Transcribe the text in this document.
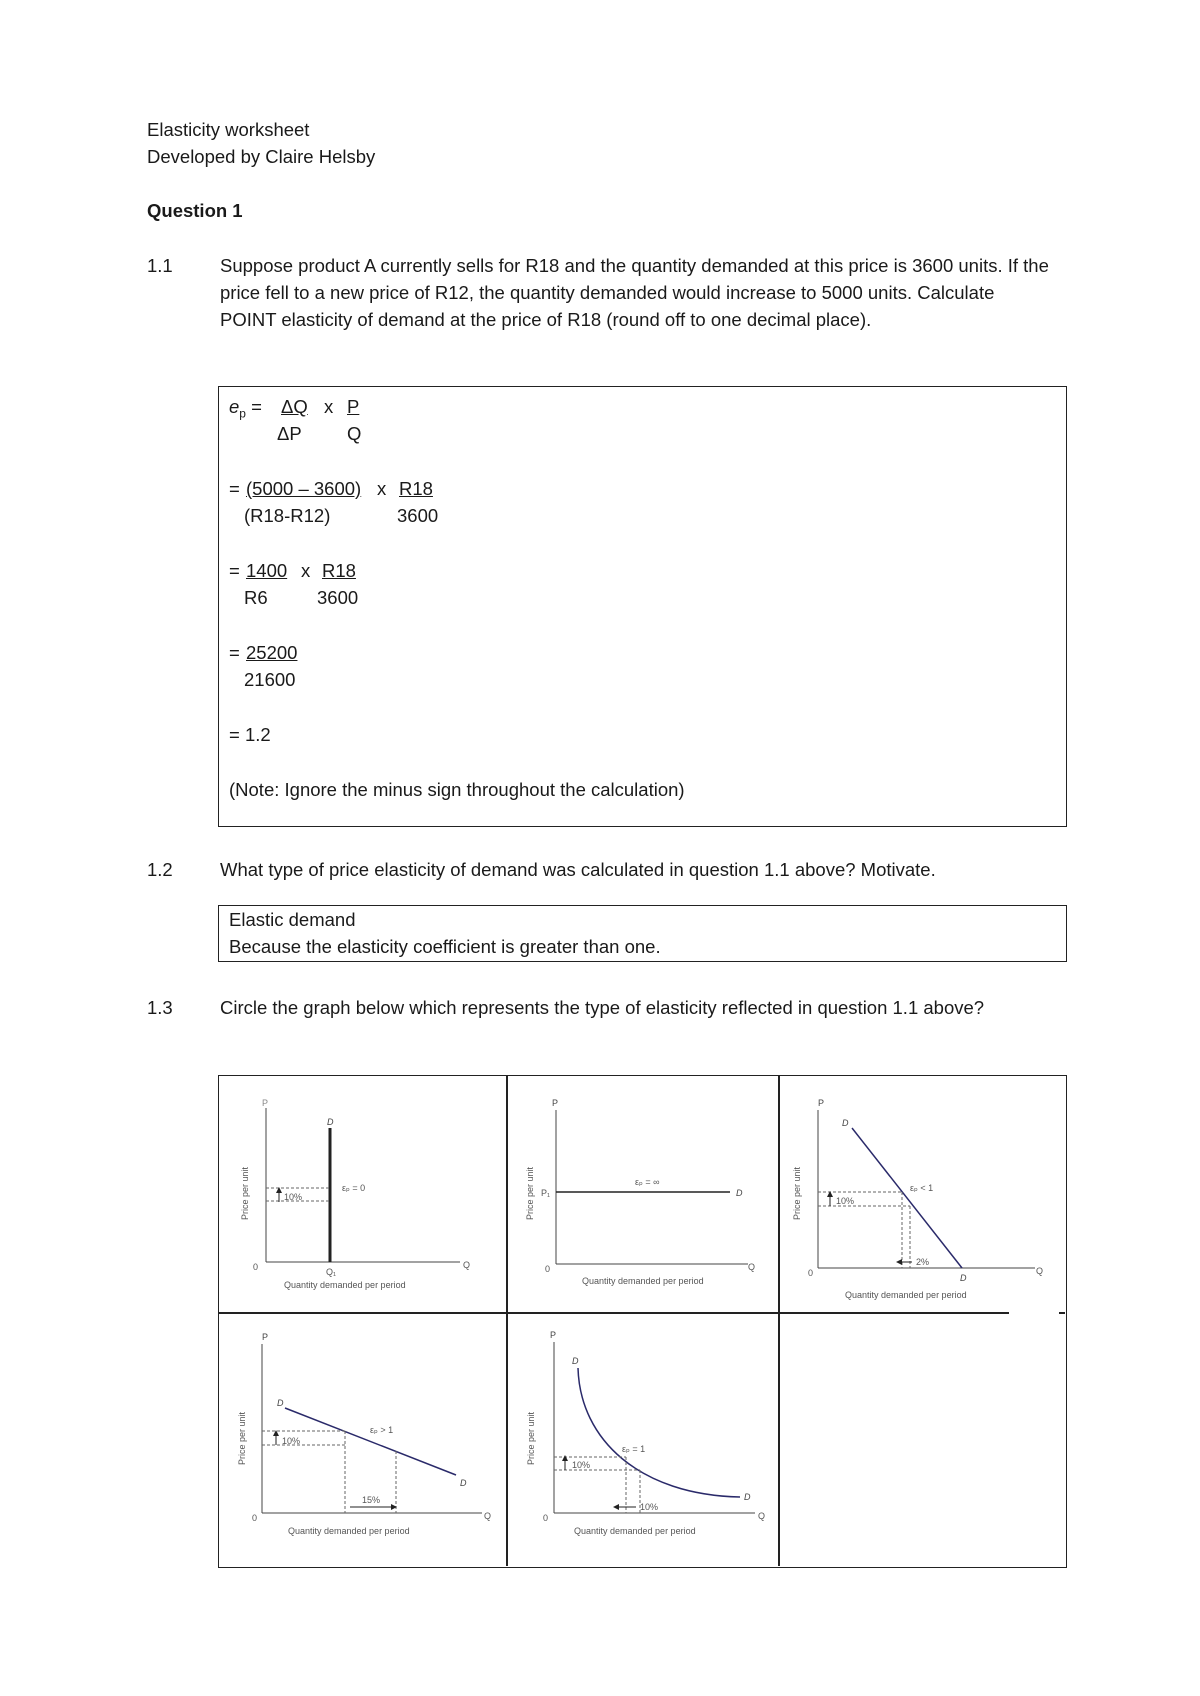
Elasticity worksheet
Developed by Claire Helsby
Question 1
1.1	Suppose product A currently sells for R18 and the quantity demanded at this price is 3600 units. If the price fell to a new price of R12, the quantity demanded would increase to 5000 units. Calculate POINT elasticity of demand at the price of R18 (round off to one decimal place).
$e_p = \Delta Q$ x P
ΔP Q
= (5000 – 3600) x R18
(R18-R12)	3600
= 1400 x R18
R6	3600
= 25200
21600
= 1.2
(Note: Ignore the minus sign throughout the calculation)
1.2	What type of price elasticity of demand was calculated in question 1.1 above? Motivate.
Elastic demand
Because the elasticity coefficient is greater than one.
1.3	Circle the graph below which represents the type of elasticity reflected in question 1.1 above?
P
D
10%
εₚ = 0
0	Q₁
Q
Quantity demanded per period
Price per unit
P
P₁
εₚ = ∞
D
0	Q
Quantity demanded per period
Price per unit
P
D
εₚ < 1
10%
2%
D
0	Q
Quantity demanded per period
Price per unit
P
D
εₚ > 1
10%
15%
D
0	Q
Quantity demanded per period
Price per unit
P
D
εₚ = 1
10%
10%
D
0	Q
Quantity demanded per period
Price per unit
